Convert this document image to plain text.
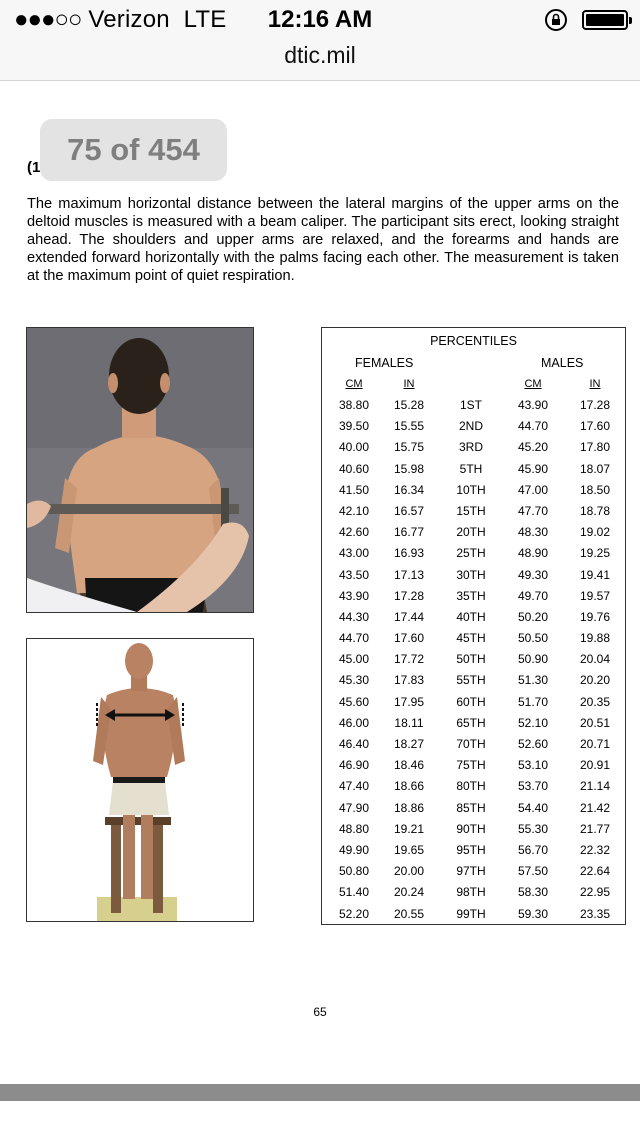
●●●○○ Verizon LTE	12:16 AM
dtic.mil
75 of 454
(1

The maximum horizontal distance between the lateral margins of the upper arms on the deltoid muscles is measured with a beam caliper. The participant sits erect, looking straight ahead. The shoulders and upper arms are relaxed, and the forearms and hands are extended forward horizontally with the palms facing each other. The measurement is taken at the maximum point of quiet respiration.

PERCENTILES
FEMALES	MALES
CM	IN	CM	IN
38.80	15.28	1ST	43.90	17.28
39.50	15.55	2ND	44.70	17.60
40.00	15.75	3RD	45.20	17.80
40.60	15.98	5TH	45.90	18.07
41.50	16.34	10TH	47.00	18.50
42.10	16.57	15TH	47.70	18.78
42.60	16.77	20TH	48.30	19.02
43.00	16.93	25TH	48.90	19.25
43.50	17.13	30TH	49.30	19.41
43.90	17.28	35TH	49.70	19.57
44.30	17.44	40TH	50.20	19.76
44.70	17.60	45TH	50.50	19.88
45.00	17.72	50TH	50.90	20.04
45.30	17.83	55TH	51.30	20.20
45.60	17.95	60TH	51.70	20.35
46.00	18.11	65TH	52.10	20.51
46.40	18.27	70TH	52.60	20.71
46.90	18.46	75TH	53.10	20.91
47.40	18.66	80TH	53.70	21.14
47.90	18.86	85TH	54.40	21.42
48.80	19.21	90TH	55.30	21.77
49.90	19.65	95TH	56.70	22.32
50.80	20.00	97TH	57.50	22.64
51.40	20.24	98TH	58.30	22.95
52.20	20.55	99TH	59.30	23.35
65
